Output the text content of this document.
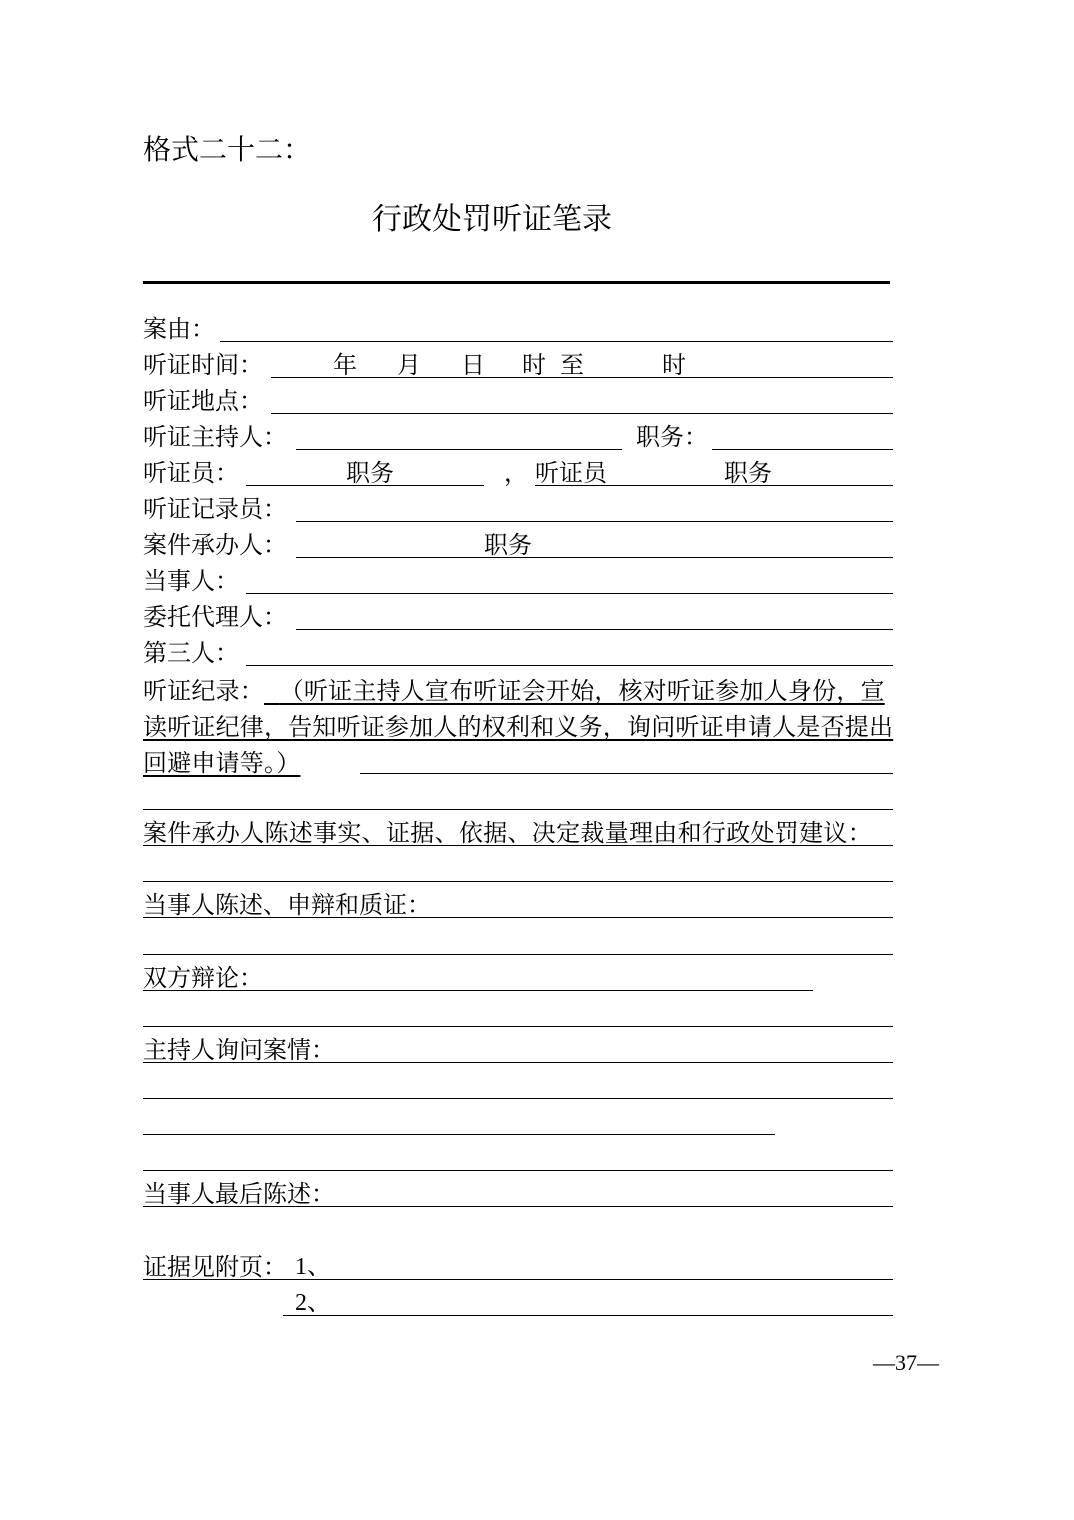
格式二十二：
行政处罚听证笔录
案由：
听证时间：	年 月 日 时 至	时
听证地点：
听证主持人：	职务：
听证员：	职务	， 听证员	职务
听证记录员：
案件承办人：	职务
当事人：
委托代理人：
第三人：
听证纪录： （听证主持人宣布听证会开始，核对听证参加人身份，宣读听证纪律，告知听证参加人的权利和义务，询问听证申请人是否提出回避申请等。）
案件承办人陈述事实、证据、依据、决定裁量理由和行政处罚建议：
当事人陈述、申辩和质证：
双方辩论：
主持人询问案情：
当事人最后陈述：
证据见附页： 1、
2、
—37—
